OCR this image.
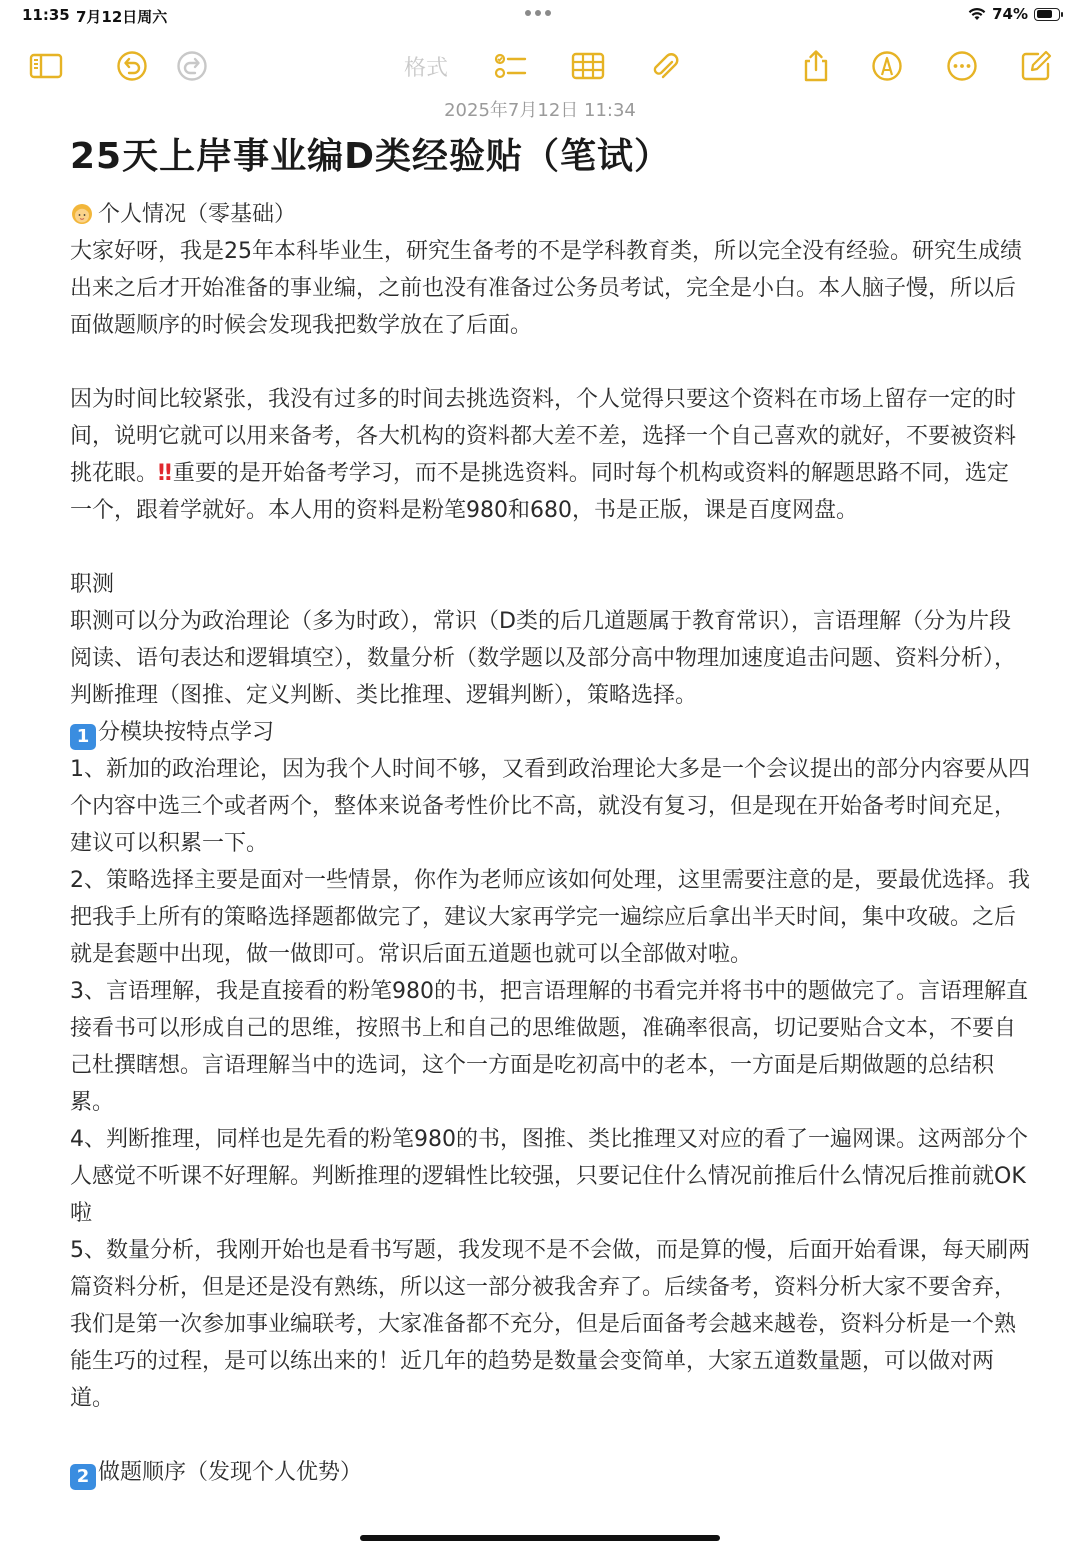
11:35 7月12日周六	74%
格式
2025年7月12日 11:34
25天上岸事业编D类经验贴（笔试）

个人情况（零基础）

大家好呀，我是25年本科毕业生，研究生备考的不是学科教育类，所以完全没有经验。研究生成绩出来之后才开始准备的事业编，之前也没有准备过公务员考试，完全是小白。本人脑子慢，所以后面做题顺序的时候会发现我把数学放在了后面。

因为时间比较紧张，我没有过多的时间去挑选资料，个人觉得只要这个资料在市场上留存一定的时间，说明它就可以用来备考，各大机构的资料都大差不差，选择一个自己喜欢的就好，不要被资料挑花眼。‼ 重要的是开始备考学习，而不是挑选资料。同时每个机构或资料的解题思路不同，选定一个，跟着学就好。本人用的资料是粉笔980和680，书是正版，课是百度网盘。

职测

职测可以分为政治理论（多为时政），常识（D类的后几道题属于教育常识），言语理解（分为片段阅读、语句表达和逻辑填空），数量分析（数学题以及部分高中物理加速度追击问题、资料分析），判断推理（图推、定义判断、类比推理、逻辑判断），策略选择。

1 分模块按特点学习

1、新加的政治理论，因为我个人时间不够，又看到政治理论大多是一个会议提出的部分内容要从四个内容中选三个或者两个，整体来说备考性价比不高，就没有复习，但是现在开始备考时间充足，建议可以积累一下。

2、策略选择主要是面对一些情景，你作为老师应该如何处理，这里需要注意的是，要最优选择。我把我手上所有的策略选择题都做完了，建议大家再学完一遍综应后拿出半天时间，集中攻破。之后就是套题中出现，做一做即可。常识后面五道题也就可以全部做对啦。

3、言语理解，我是直接看的粉笔980的书，把言语理解的书看完并将书中的题做完了。言语理解直接看书可以形成自己的思维，按照书上和自己的思维做题，准确率很高，切记要贴合文本，不要自己杜撰瞎想。言语理解当中的选词，这个一方面是吃初高中的老本，一方面是后期做题的总结积累。

4、判断推理，同样也是先看的粉笔980的书，图推、类比推理又对应的看了一遍网课。这两部分个人感觉不听课不好理解。判断推理的逻辑性比较强，只要记住什么情况前推后什么情况后推前就OK啦

5、数量分析，我刚开始也是看书写题，我发现不是不会做，而是算的慢，后面开始看课，每天刷两篇资料分析，但是还是没有熟练，所以这一部分被我舍弃了。后续备考，资料分析大家不要舍弃，我们是第一次参加事业编联考，大家准备都不充分，但是后面备考会越来越卷，资料分析是一个熟能生巧的过程，是可以练出来的！近几年的趋势是数量会变简单，大家五道数量题，可以做对两道。

2 做题顺序（发现个人优势）
